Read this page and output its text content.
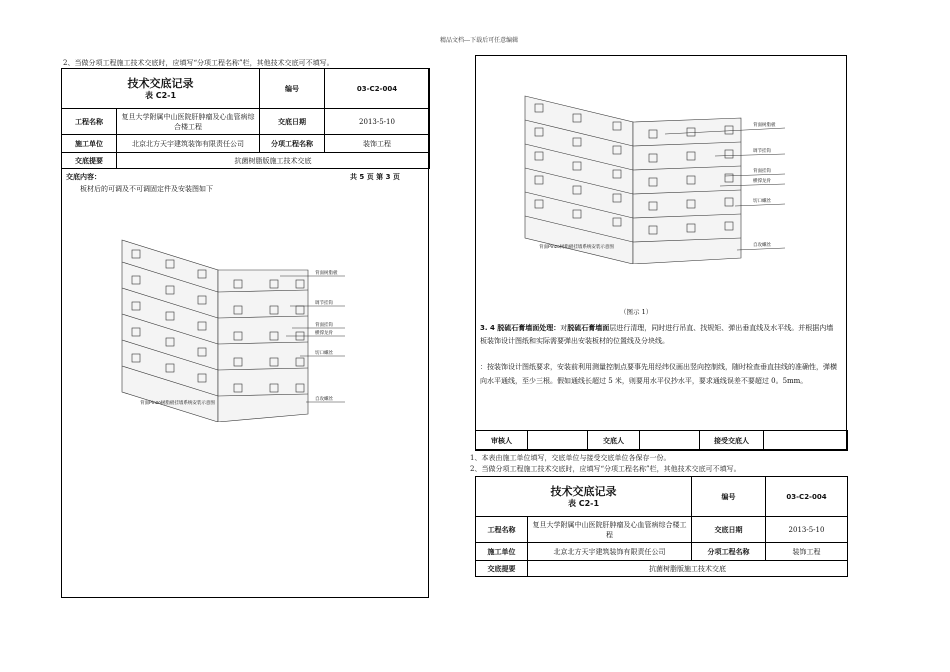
精品文档---下载后可任意编辑
2、当做分项工程施工技术交底时，应填写“分项工程名称”栏，其他技术交底可不填写。
技术交底记录
表 C2-1		编号	03-C2-004
工程名称	复旦大学附属中山医院肝肿瘤及心血管病综合楼工程	交底日期	2013-5-10
施工单位	北京北方天宇建筑装饰有限责任公司	分项工程名称	装饰工程
交底提要	抗菌树脂版施工技术交底		
交底内容：	共 5 页 第 3 页
板材后的可调及不可调固定件及安装图如下
背面树脂板
调节挂钩
背面挂钩
横撑龙骨
切口螺丝
自攻螺丝
背面Pinzo树脂板挂墙系统安装示意图
背面树脂板
调节挂钩
背面挂钩
横撑龙骨
切口螺丝
自攻螺丝
背面Pinzo树脂板挂墙系统安装示意图
（图示 1）
3. 4 脱硫石膏墙面处理：对脱硫石膏墙面层进行清理，同时进行吊直、找规矩、弹出垂直线及水平线。并根据内墙板装饰设计图纸和实际需要弹出安装板材的位置线及分块线。
：按装饰设计图纸要求，安装前利用测量控制点要事先用经纬仪画出竖向控制线，随时检查垂直挂线的准确性，弹横向水平通线，至少三根。假如通线长超过 5 米，则要用水平仪抄水平，要求通线误差不要超过 0。5mm。
审核人		交底人		接受交底人	
1、本表由施工单位填写，交底单位与接受交底单位各保存一份。
2、当做分项工程施工技术交底时，应填写“分项工程名称”栏，其他技术交底可不填写。
技术交底记录
表 C2-1		编号	03-C2-004
工程名称	复旦大学附属中山医院肝肿瘤及心血管病综合楼工程	交底日期	2013-5-10
施工单位	北京北方天宇建筑装饰有限责任公司	分项工程名称	装饰工程
交底提要	抗菌树脂版施工技术交底		
